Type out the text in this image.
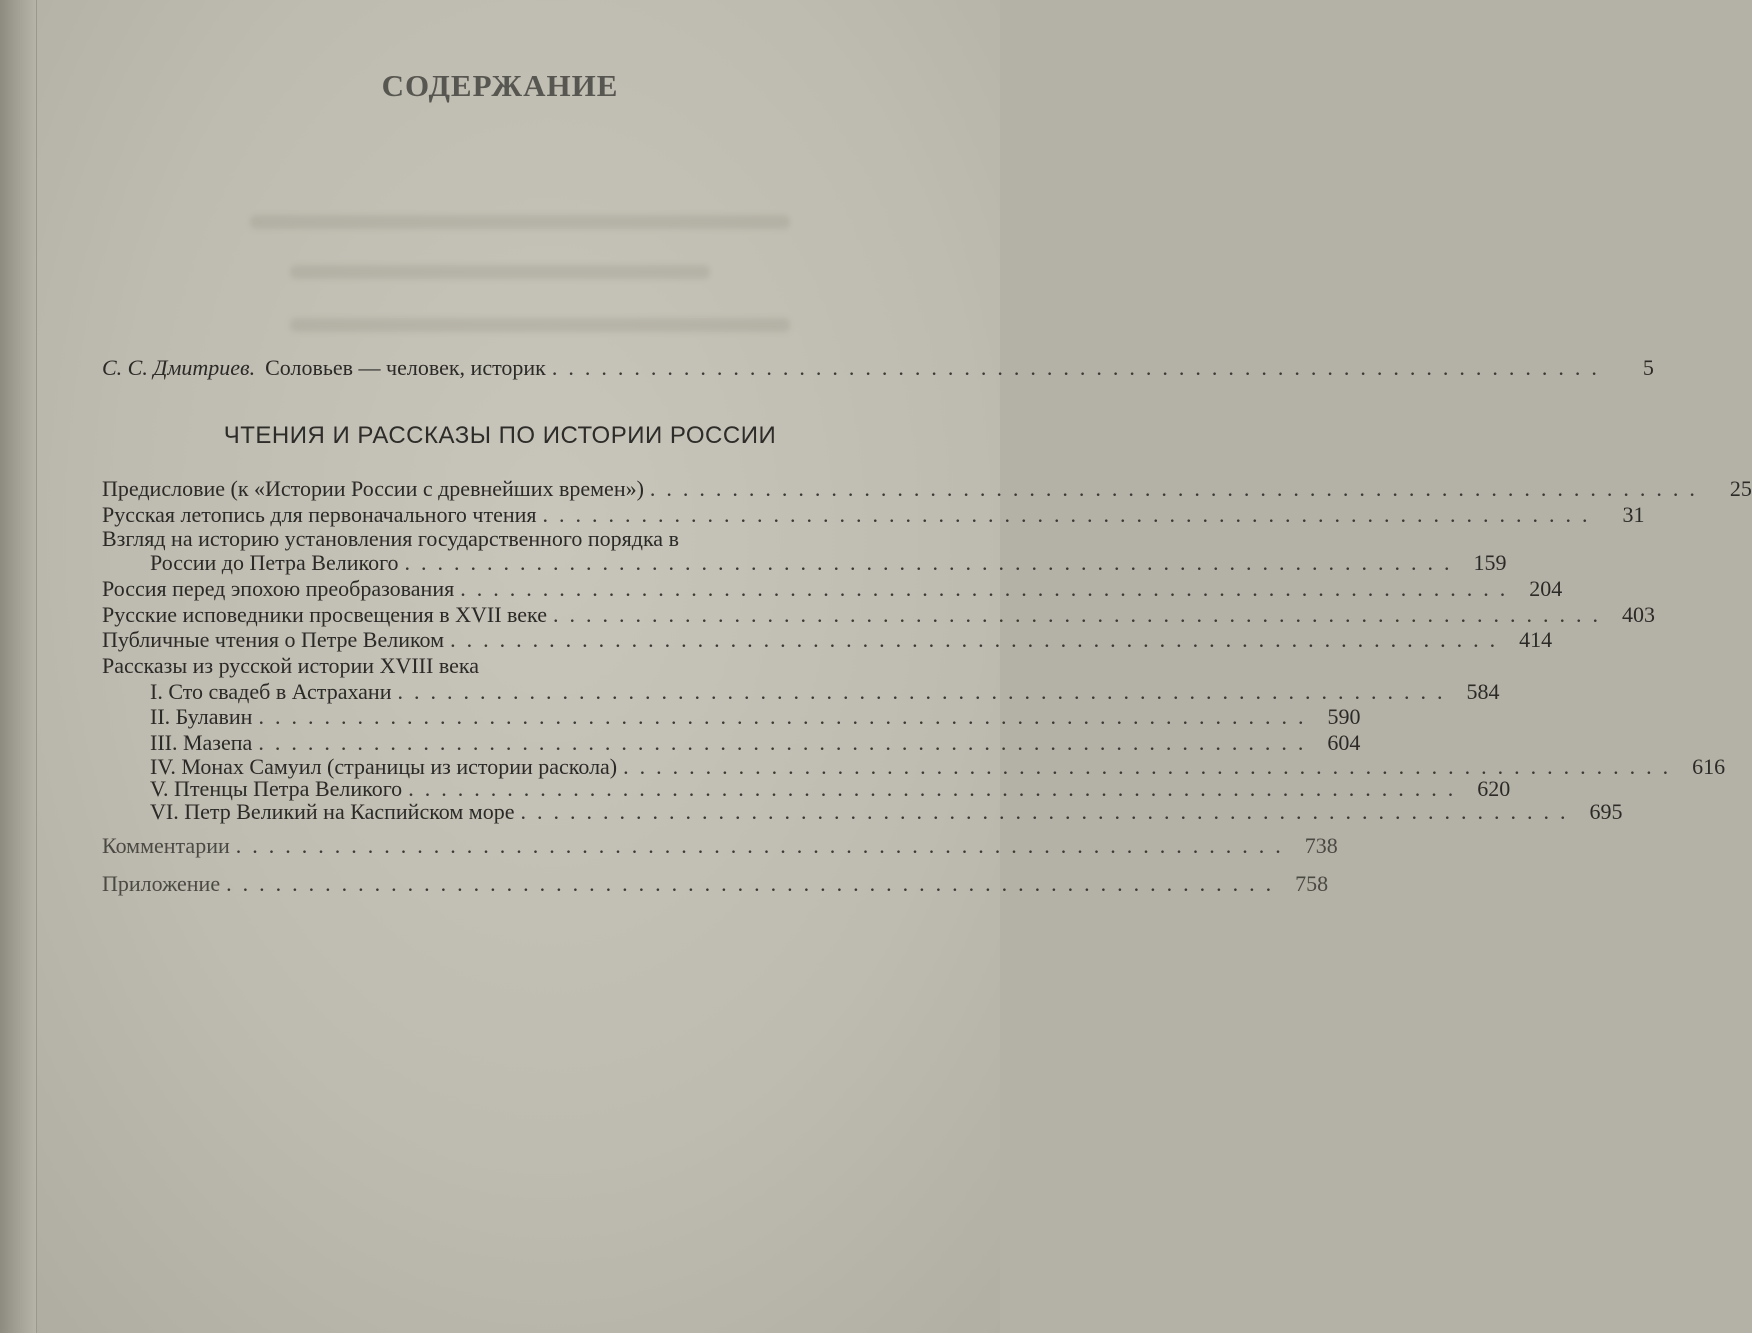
СОДЕРЖАНИЕ
С. С. Дмитриев. Соловьев — человек, историк ................................................................	5
ЧТЕНИЯ И РАССКАЗЫ ПО ИСТОРИИ РОССИИ
Предисловие (к «Истории России с древнейших времен») ................................................................	25
Русская летопись для первоначального чтения ................................................................	31
Взгляд на историю установления государственного порядка в
России до Петра Великого ................................................................ 159
Россия перед эпохою преобразования ................................................................ 204
Русские исповедники просвещения в XVII веке ................................................................ 403
Публичные чтения о Петре Великом ................................................................ 414
Рассказы из русской истории XVIII века
I. Сто свадеб в Астрахани ................................................................ 584
II. Булавин ................................................................ 590
III. Мазепа ................................................................ 604
IV. Монах Самуил (страницы из истории раскола) ................................................................ 616
V. Птенцы Петра Великого ................................................................ 620
VI. Петр Великий на Каспийском море ................................................................ 695
Комментарии ................................................................ 738
Приложение ................................................................ 758
